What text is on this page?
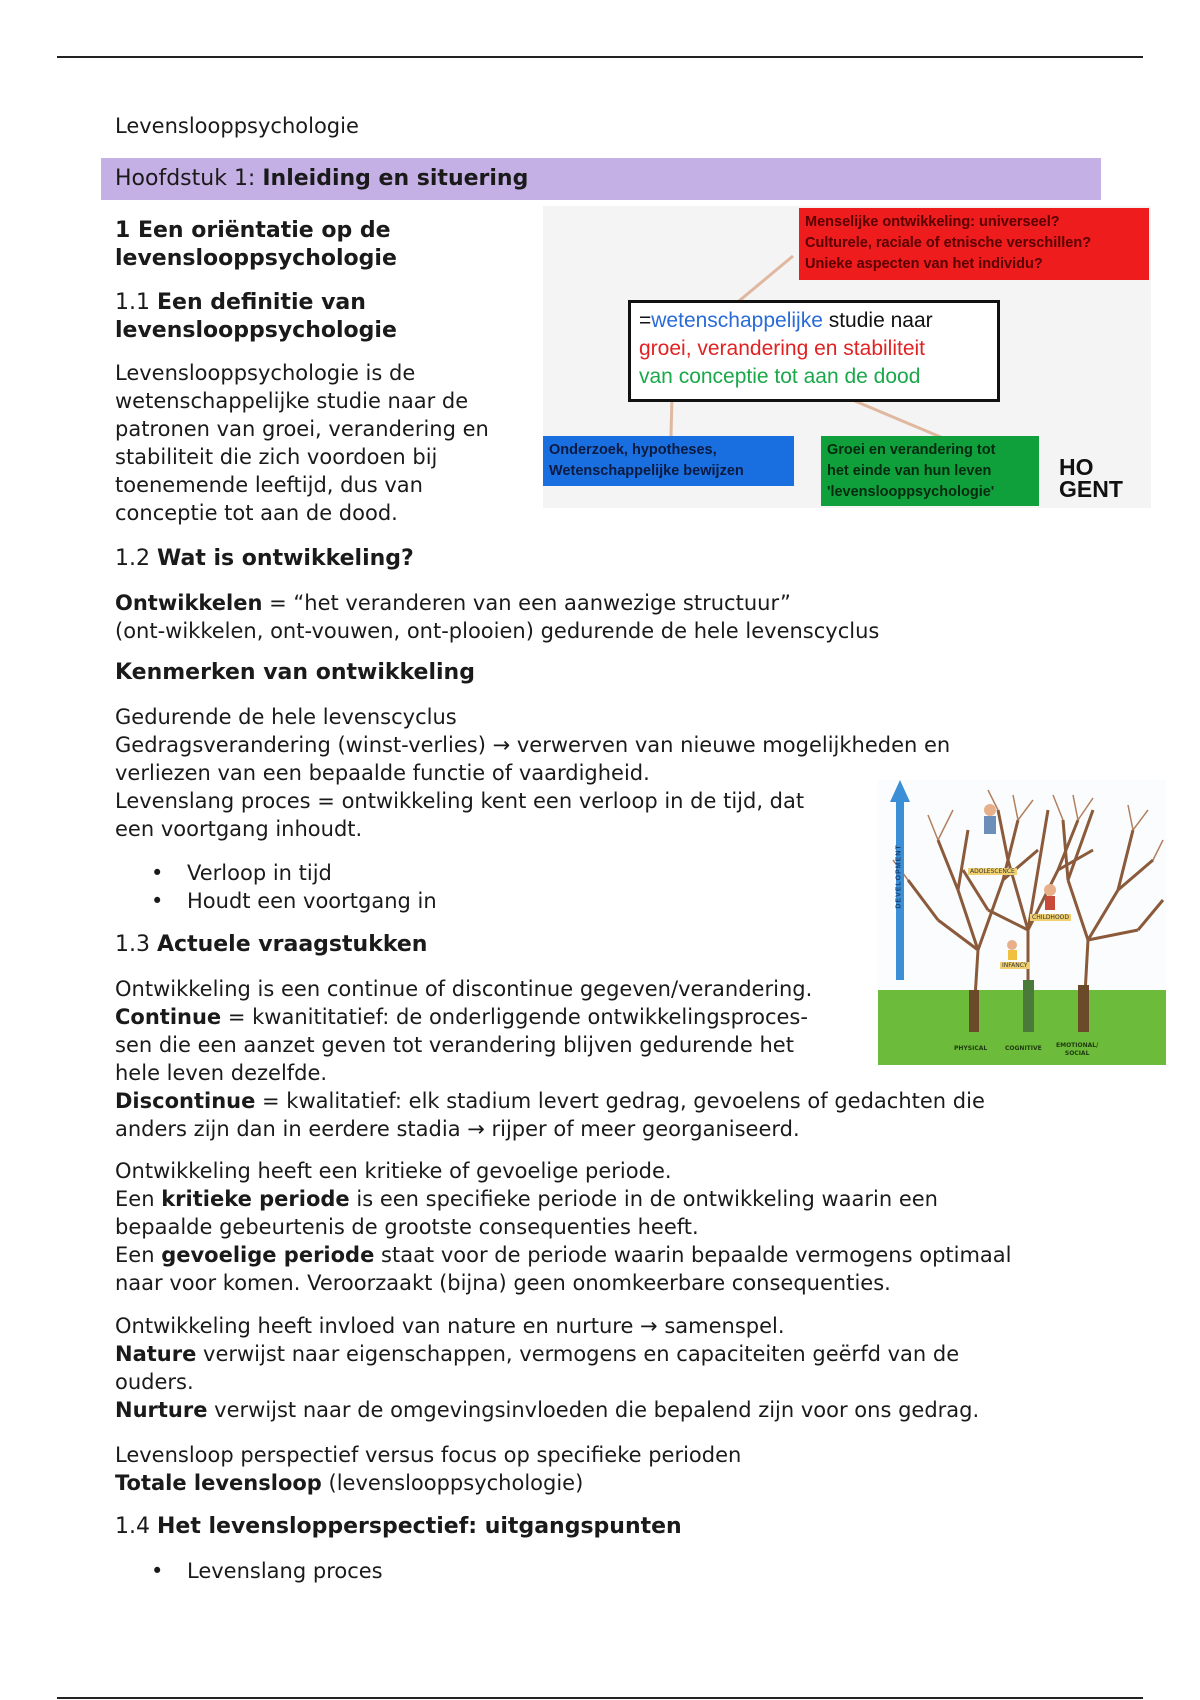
Levenslooppsychologie

Hoofdstuk 1: Inleiding en situering

1 Een oriëntatie op de

levenslooppsychologie

1.1 Een definitie van

levenslooppsychologie

Levenslooppsychologie is de

wetenschappelijke studie naar de

patronen van groei, verandering en

stabiliteit die zich voordoen bij

toenemende leeftijd, dus van

conceptie tot aan de dood.

Menselijke ontwikkeling: universeel?
Culturele, raciale of etnische verschillen?
Unieke aspecten van het individu?
=wetenschappelijke studie naar
groei, verandering en stabiliteit
van conceptie tot aan de dood
Onderzoek, hypotheses,
Wetenschappelijke bewijzen
Groei en verandering tot
het einde van hun leven
'levenslooppsychologie'
HO
GENT

1.2 Wat is ontwikkeling?

Ontwikkelen = “het veranderen van een aanwezige structuur”

(ont-wikkelen, ont-vouwen, ont-plooien) gedurende de hele levenscyclus

Kenmerken van ontwikkeling

Gedurende de hele levenscyclus

Gedragsverandering (winst-verlies) → verwerven van nieuwe mogelijkheden en

verliezen van een bepaalde functie of vaardigheid.

Levenslang proces = ontwikkeling kent een verloop in de tijd, dat

een voortgang inhoudt.

• Verloop in tijd
• Houdt een voortgang in	DEVELOPMENT	ADOLESCENCE
CHILDHOOD
INFANCY
PHYSICAL	COGNITIVE EMOTIONAL/
SOCIAL

1.3 Actuele vraagstukken

Ontwikkeling is een continue of discontinue gegeven/verandering.

Continue = kwanititatief: de onderliggende ontwikkelingsproces-

sen die een aanzet geven tot verandering blijven gedurende het

hele leven dezelfde.

Discontinue = kwalitatief: elk stadium levert gedrag, gevoelens of gedachten die

anders zijn dan in eerdere stadia → rijper of meer georganiseerd.

Ontwikkeling heeft een kritieke of gevoelige periode.

Een kritieke periode is een specifieke periode in de ontwikkeling waarin een

bepaalde gebeurtenis de grootste consequenties heeft.

Een gevoelige periode staat voor de periode waarin bepaalde vermogens optimaal

naar voor komen. Veroorzaakt (bijna) geen onomkeerbare consequenties.

Ontwikkeling heeft invloed van nature en nurture → samenspel.

Nature verwijst naar eigenschappen, vermogens en capaciteiten geërfd van de

ouders.

Nurture verwijst naar de omgevingsinvloeden die bepalend zijn voor ons gedrag.

Levensloop perspectief versus focus op specifieke perioden

Totale levensloop (levenslooppsychologie)

1.4 Het levenslopperspectief: uitgangspunten

• Levenslang proces
